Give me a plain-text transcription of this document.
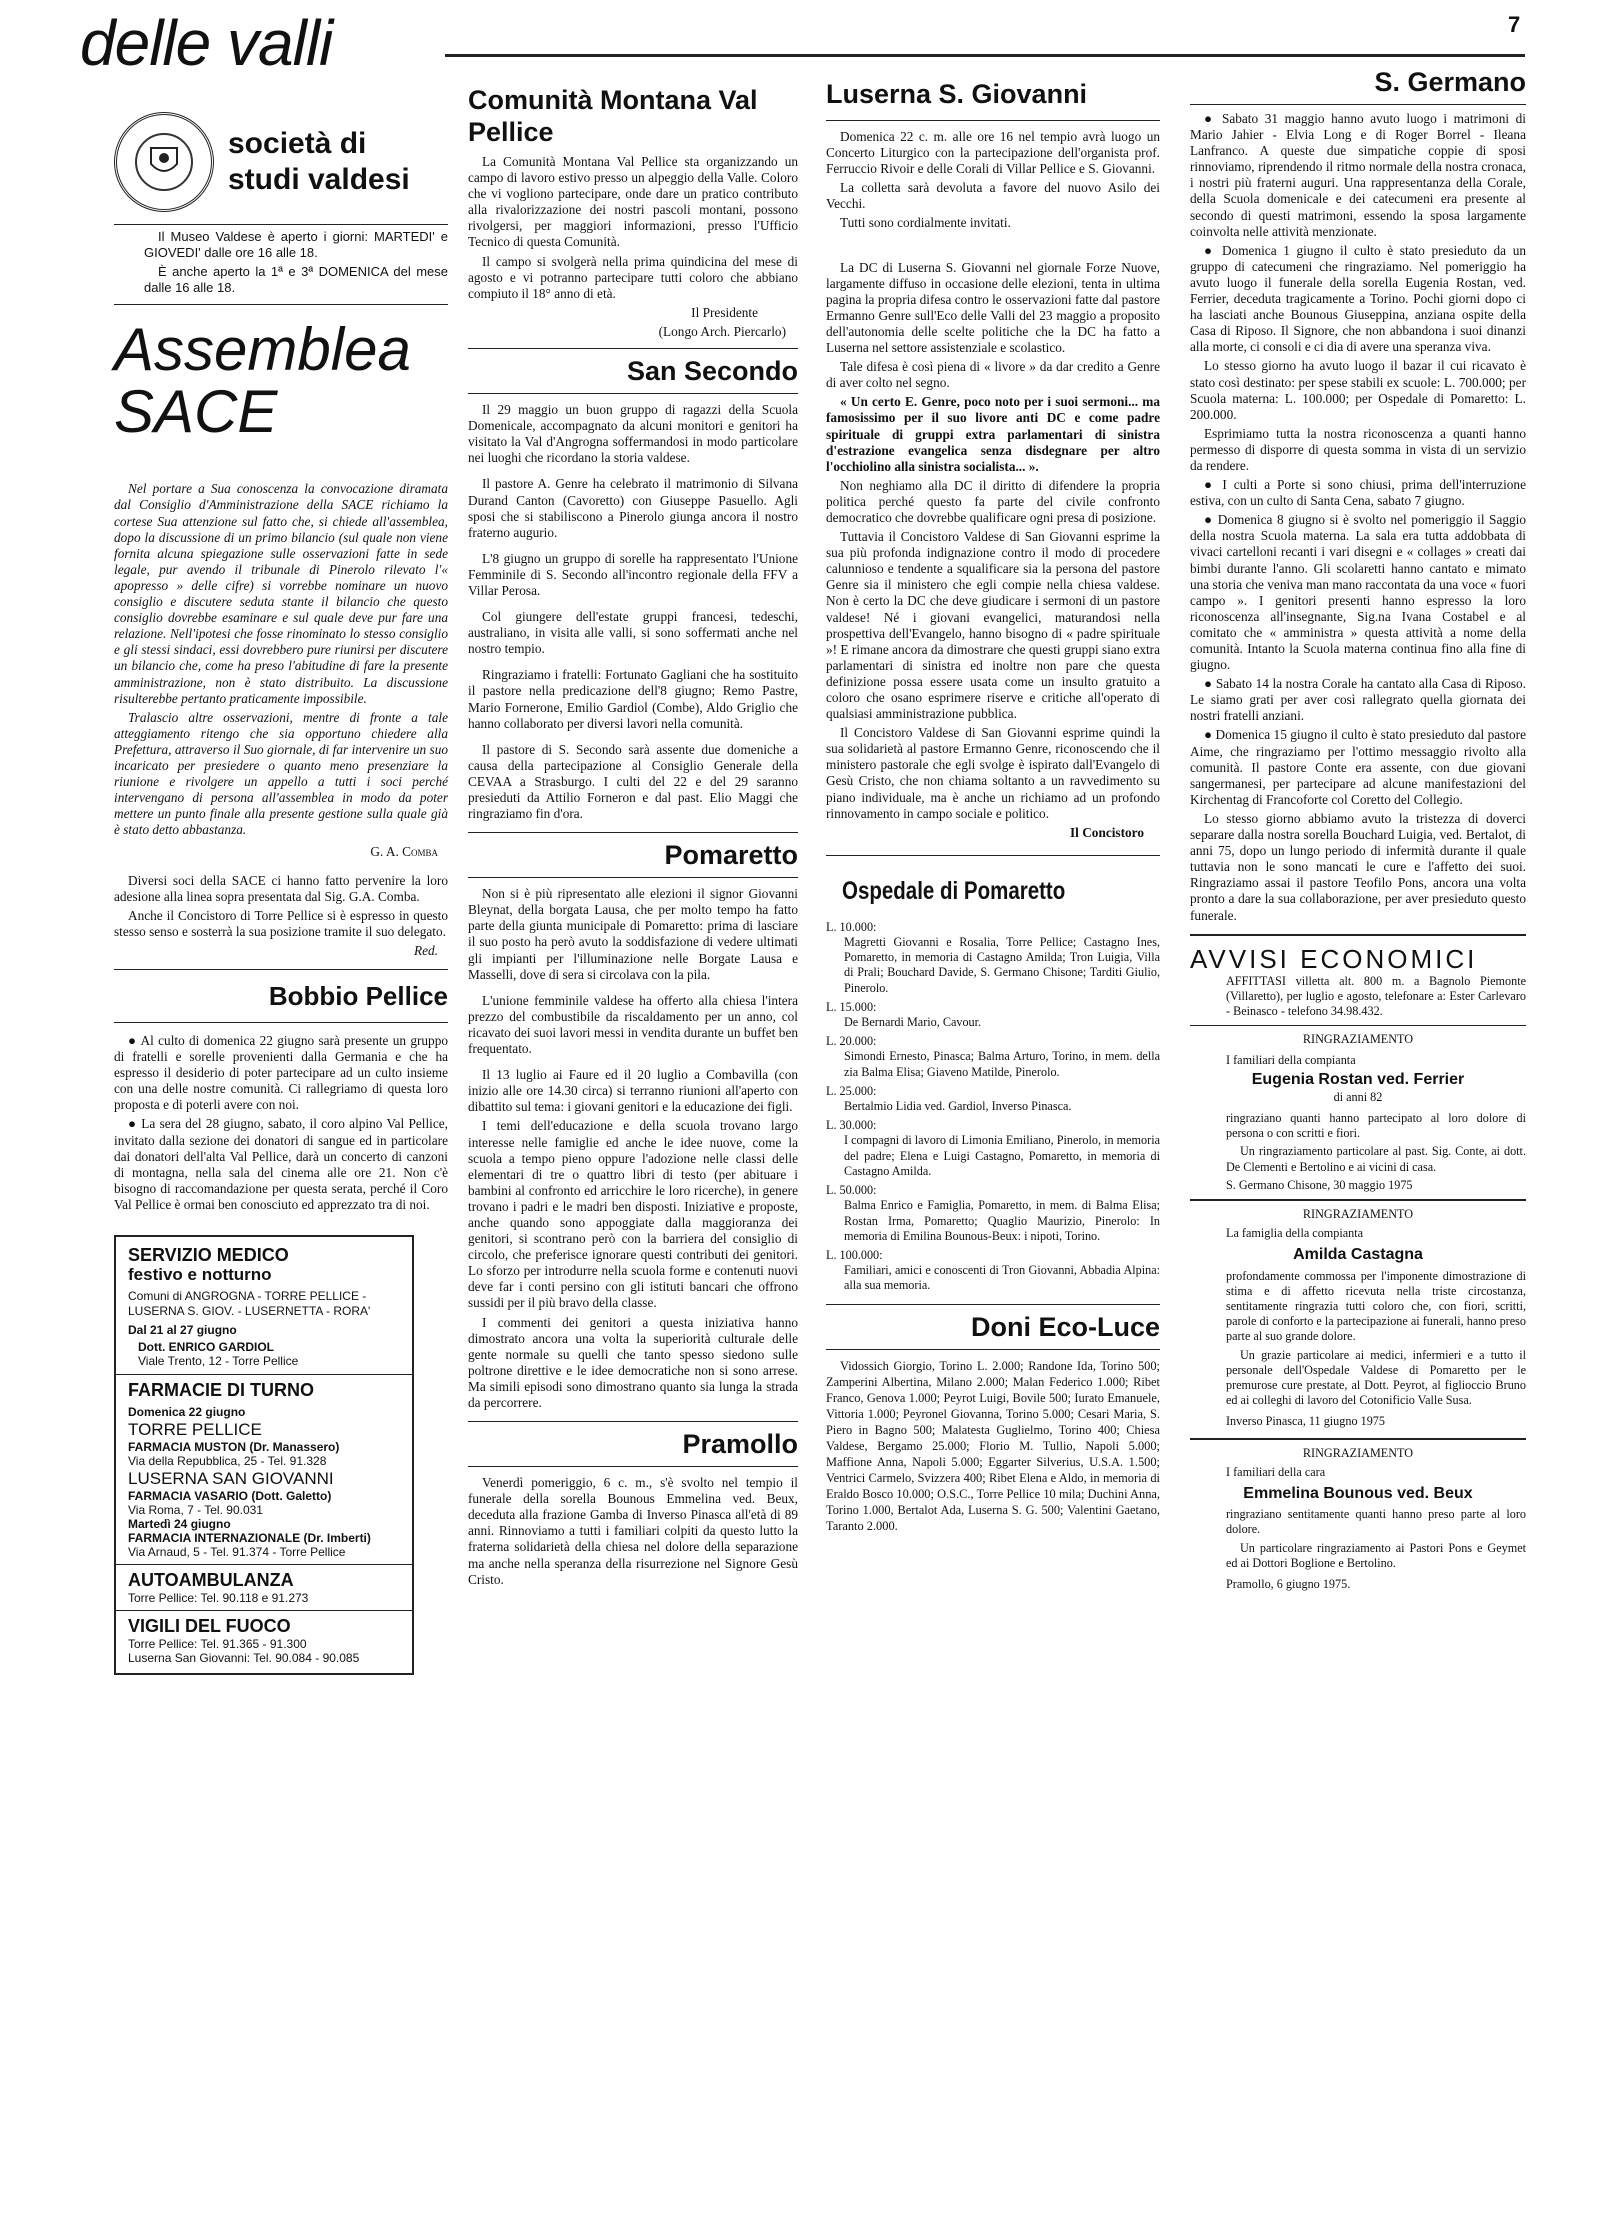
delle valli	7
società di studi valdesi

Il Museo Valdese è aperto i giorni: MARTEDI' e GIOVEDI' dalle ore 16 alle 18.

È anche aperto la 1ª e 3ª DOMENICA del mese dalle 16 alle 18.

Assemblea SACE

Nel portare a Sua conoscenza la convocazione diramata dal Consiglio d'Amministrazione della SACE richiamo la cortese Sua attenzione sul fatto che, si chiede all'assemblea, dopo la discussione di un primo bilancio (sul quale non viene fornita alcuna spiegazione sulle osservazioni fatte in sede legale, pur avendo il tribunale di Pinerolo rilevato l'« apopresso » delle cifre) si vorrebbe nominare un nuovo consiglio e discutere seduta stante il bilancio che questo consiglio dovrebbe esaminare e sul quale deve pur fare una relazione. Nell'ipotesi che fosse rinominato lo stesso consiglio e gli stessi sindaci, essi dovrebbero pure riunirsi per discutere un bilancio che, come ha preso l'abitudine di fare la presente amministrazione, non è stato distribuito. La discussione risulterebbe pertanto praticamente impossibile.

Tralascio altre osservazioni, mentre di fronte a tale atteggiamento ritengo che sia opportuno chiedere alla Prefettura, attraverso il Suo giornale, di far intervenire un suo incaricato per presiedere o quanto meno presenziare la riunione e rivolgere un appello a tutti i soci perché intervengano di persona all'assemblea in modo da poter mettere un punto finale alla presente gestione sulla quale già è stato detto abbastanza.

G. A. Comba

Diversi soci della SACE ci hanno fatto pervenire la loro adesione alla linea sopra presentata dal Sig. G.A. Comba.

Anche il Concistoro di Torre Pellice si è espresso in questo stesso senso e sosterrà la sua posizione tramite il suo delegato.

Red.

Bobbio Pellice

● Al culto di domenica 22 giugno sarà presente un gruppo di fratelli e sorelle provenienti dalla Germania e che ha espresso il desiderio di poter partecipare ad un culto insieme con una delle nostre comunità. Ci rallegriamo di questa loro proposta e di poterli avere con noi.

● La sera del 28 giugno, sabato, il coro alpino Val Pellice, invitato dalla sezione dei donatori di sangue ed in particolare dai donatori dell'alta Val Pellice, darà un concerto di canzoni di montagna, nella sala del cinema alle ore 21. Non c'è bisogno di raccomandazione per questa serata, perché il Coro Val Pellice è ormai ben conosciuto ed apprezzato tra di noi.

SERVIZIO MEDICO
festivo e notturno
Comuni di ANGROGNA - TORRE PELLICE - LUSERNA S. GIOV. - LUSERNETTA - RORA'
Dal 21 al 27 giugno
Dott. ENRICO GARDIOL
Viale Trento, 12 - Torre Pellice
FARMACIE DI TURNO
Domenica 22 giugno
TORRE PELLICE
FARMACIA MUSTON (Dr. Manassero)
Via della Repubblica, 25 - Tel. 91.328
LUSERNA SAN GIOVANNI
FARMACIA VASARIO (Dott. Galetto)
Via Roma, 7 - Tel. 90.031
Martedì 24 giugno
FARMACIA INTERNAZIONALE (Dr. Imberti)
Via Arnaud, 5 - Tel. 91.374 - Torre Pellice
AUTOAMBULANZA
Torre Pellice: Tel. 90.118 e 91.273
VIGILI DEL FUOCO
Torre Pellice: Tel. 91.365 - 91.300
Luserna San Giovanni: Tel. 90.084 - 90.085
Comunità Montana Val Pellice

La Comunità Montana Val Pellice sta organizzando un campo di lavoro estivo presso un alpeggio della Valle. Coloro che vi vogliono partecipare, onde dare un pratico contributo alla rivalorizzazione dei nostri pascoli montani, possono rivolgersi, per maggiori informazioni, presso l'Ufficio Tecnico di questa Comunità.

Il campo si svolgerà nella prima quindicina del mese di agosto e vi potranno partecipare tutti coloro che abbiano compiuto il 18° anno di età.

Il Presidente

(Longo Arch. Piercarlo)

San Secondo

Il 29 maggio un buon gruppo di ragazzi della Scuola Domenicale, accompagnato da alcuni monitori e genitori ha visitato la Val d'Angrogna soffermandosi in modo particolare nei luoghi che ricordano la storia valdese.

Il pastore A. Genre ha celebrato il matrimonio di Silvana Durand Canton (Cavoretto) con Giuseppe Pasuello. Agli sposi che si stabiliscono a Pinerolo giunga ancora il nostro fraterno augurio.

L'8 giugno un gruppo di sorelle ha rappresentato l'Unione Femminile di S. Secondo all'incontro regionale della FFV a Villar Perosa.

Col giungere dell'estate gruppi francesi, tedeschi, australiano, in visita alle valli, si sono soffermati anche nel nostro tempio.

Ringraziamo i fratelli: Fortunato Gagliani che ha sostituito il pastore nella predicazione dell'8 giugno; Remo Pastre, Mario Fornerone, Emilio Gardiol (Combe), Aldo Griglio che hanno collaborato per diversi lavori nella comunità.

Il pastore di S. Secondo sarà assente due domeniche a causa della partecipazione al Consiglio Generale della CEVAA a Strasburgo. I culti del 22 e del 29 saranno presieduti da Attilio Forneron e dal past. Elio Maggi che ringraziamo fin d'ora.

Pomaretto

Non si è più ripresentato alle elezioni il signor Giovanni Bleynat, della borgata Lausa, che per molto tempo ha fatto parte della giunta municipale di Pomaretto: prima di lasciare il suo posto ha però avuto la soddisfazione di vedere ultimati gli impianti per l'illuminazione nelle Borgate Lausa e Masselli, dove di sera si circolava con la pila.

L'unione femminile valdese ha offerto alla chiesa l'intera prezzo del combustibile da riscaldamento per un anno, col ricavato dei suoi lavori messi in vendita durante un buffet ben frequentato.

Il 13 luglio ai Faure ed il 20 luglio a Combavilla (con inizio alle ore 14.30 circa) si terranno riunioni all'aperto con dibattito sul tema: i giovani genitori e la educazione dei figli.

I temi dell'educazione e della scuola trovano largo interesse nelle famiglie ed anche le idee nuove, come la scuola a tempo pieno oppure l'adozione nelle classi delle elementari di tre o quattro libri di testo (per abituare i bambini al confronto ed arricchire le loro ricerche), in genere trovano i padri e le madri ben disposti. Iniziative e proposte, anche quando sono appoggiate dalla maggioranza dei genitori, si scontrano però con la barriera del consiglio di circolo, che preferisce ignorare questi contributi dei genitori. Lo sforzo per introdurre nella scuola forme e contenuti nuovi deve far i conti persino con gli istituti bancari che offrono sussidi per il più bravo della classe.

I commenti dei genitori a questa iniziativa hanno dimostrato ancora una volta la superiorità culturale delle gente normale su quelli che tanto spesso siedono sulle poltrone direttive e le idee democratiche non si sono arrese. Ma simili episodi sono dimostrano quanto sia lunga la strada da percorrere.

Pramollo

Venerdì pomeriggio, 6 c. m., s'è svolto nel tempio il funerale della sorella Bounous Emmelina ved. Beux, deceduta alla frazione Gamba di Inverso Pinasca all'età di 89 anni. Rinnoviamo a tutti i familiari colpiti da questo lutto la fraterna solidarietà della chiesa nel dolore della separazione ma anche nella speranza della risurrezione nel Signore Gesù Cristo.

Luserna S. Giovanni

Domenica 22 c. m. alle ore 16 nel tempio avrà luogo un Concerto Liturgico con la partecipazione dell'organista prof. Ferruccio Rivoir e delle Corali di Villar Pellice e S. Giovanni.

La colletta sarà devoluta a favore del nuovo Asilo dei Vecchi.

Tutti sono cordialmente invitati.

La DC di Luserna S. Giovanni nel giornale Forze Nuove, largamente diffuso in occasione delle elezioni, tenta in ultima pagina la propria difesa contro le osservazioni fatte dal pastore Ermanno Genre sull'Eco delle Valli del 23 maggio a proposito dell'autonomia delle scelte politiche che la DC ha fatto a Luserna nel settore assistenziale e scolastico.

Tale difesa è così piena di « livore » da dar credito a Genre di aver colto nel segno.

« Un certo E. Genre, poco noto per i suoi sermoni... ma famosissimo per il suo livore anti DC e come padre spirituale di gruppi extra parlamentari di sinistra d'estrazione evangelica senza disdegnare per altro l'occhiolino alla sinistra socialista... ».

Non neghiamo alla DC il diritto di difendere la propria politica perché questo fa parte del civile confronto democratico che dovrebbe qualificare ogni presa di posizione.

Tuttavia il Concistoro Valdese di San Giovanni esprime la sua più profonda indignazione contro il modo di procedere calunnioso e tendente a squalificare sia la persona del pastore Genre sia il ministero che egli compie nella chiesa valdese. Non è certo la DC che deve giudicare i sermoni di un pastore valdese! Né i giovani evangelici, maturandosi nella prospettiva dell'Evangelo, hanno bisogno di « padre spirituale »! E rimane ancora da dimostrare che questi gruppi siano extra parlamentari di sinistra ed inoltre non pare che questa definizione possa essere usata come un insulto gratuito a coloro che osano esprimere riserve e critiche all'operato di qualsiasi amministrazione pubblica.

Il Concistoro Valdese di San Giovanni esprime quindi la sua solidarietà al pastore Ermanno Genre, riconoscendo che il ministero pastorale che egli svolge è ispirato dall'Evangelo di Gesù Cristo, che non chiama soltanto a un ravvedimento su piano individuale, ma è anche un richiamo ad un profondo rinnovamento in campo sociale e politico.

Il Concistoro

Ospedale di Pomaretto
L. 10.000:
Magretti Giovanni e Rosalia, Torre Pellice; Castagno Ines, Pomaretto, in memoria di Castagno Amilda; Tron Luigia, Villa di Prali; Bouchard Davide, S. Germano Chisone; Tarditi Giulio, Pinerolo.
L. 15.000:
De Bernardi Mario, Cavour.
L. 20.000:
Simondi Ernesto, Pinasca; Balma Arturo, Torino, in mem. della zia Balma Elisa; Giaveno Matilde, Pinerolo.
L. 25.000:
Bertalmio Lidia ved. Gardiol, Inverso Pinasca.
L. 30.000:
I compagni di lavoro di Limonia Emiliano, Pinerolo, in memoria del padre; Elena e Luigi Castagno, Pomaretto, in memoria di Castagno Amilda.
L. 50.000:
Balma Enrico e Famiglia, Pomaretto, in mem. di Balma Elisa; Rostan Irma, Pomaretto; Quaglio Maurizio, Pinerolo: In memoria di Emilina Bounous-Beux: i nipoti, Torino.
L. 100.000:
Familiari, amici e conoscenti di Tron Giovanni, Abbadia Alpina: alla sua memoria.
Doni Eco-Luce

Vidossich Giorgio, Torino L. 2.000; Randone Ida, Torino 500; Zamperini Albertina, Milano 2.000; Malan Federico 1.000; Ribet Franco, Genova 1.000; Peyrot Luigi, Bovile 500; Iurato Emanuele, Vittoria 1.000; Peyronel Giovanna, Torino 5.000; Cesari Maria, S. Piero in Bagno 500; Malatesta Guglielmo, Torino 400; Chiesa Valdese, Bergamo 25.000; Florio M. Tullio, Napoli 5.000; Maffione Anna, Napoli 5.000; Eggarter Silverius, U.S.A. 1.500; Ventrici Carmelo, Svizzera 400; Ribet Elena e Aldo, in memoria di Eraldo Bosco 10.000; O.S.C., Torre Pellice 10 mila; Duchini Anna, Torino 1.000, Bertalot Ada, Luserna S. G. 500; Valentini Gaetano, Taranto 2.000.

S. Germano

● Sabato 31 maggio hanno avuto luogo i matrimoni di Mario Jahier - Elvia Long e di Roger Borrel - Ileana Lanfranco. A queste due simpatiche coppie di sposi rinnoviamo, riprendendo il ritmo normale della nostra cronaca, i nostri più fraterni auguri. Una rappresentanza della Corale, della Scuola domenicale e dei catecumeni era presente al secondo di questi matrimoni, essendo la sposa largamente coinvolta nelle attività menzionate.

● Domenica 1 giugno il culto è stato presieduto da un gruppo di catecumeni che ringraziamo. Nel pomeriggio ha avuto luogo il funerale della sorella Eugenia Rostan, ved. Ferrier, deceduta tragicamente a Torino. Pochi giorni dopo ci ha lasciati anche Bounous Giuseppina, anziana ospite della Casa di Riposo. Il Signore, che non abbandona i suoi dinanzi alla morte, ci consoli e ci dia di avere una speranza viva.

Lo stesso giorno ha avuto luogo il bazar il cui ricavato è stato così destinato: per spese stabili ex scuole: L. 700.000; per Scuola materna: L. 100.000; per Ospedale di Pomaretto: L. 200.000.

Esprimiamo tutta la nostra riconoscenza a quanti hanno permesso di disporre di questa somma in vista di un servizio da rendere.

● I culti a Porte si sono chiusi, prima dell'interruzione estiva, con un culto di Santa Cena, sabato 7 giugno.

● Domenica 8 giugno si è svolto nel pomeriggio il Saggio della nostra Scuola materna. La sala era tutta addobbata di vivaci cartelloni recanti i vari disegni e « collages » creati dai bimbi durante l'anno. Gli scolaretti hanno cantato e mimato una storia che veniva man mano raccontata da una voce « fuori campo ». I genitori presenti hanno espresso la loro riconoscenza all'insegnante, Sig.na Ivana Costabel e al comitato che « amministra » questa attività a nome della comunità. Intanto la Scuola materna continua fino alla fine di giugno.

● Sabato 14 la nostra Corale ha cantato alla Casa di Riposo. Le siamo grati per aver così rallegrato quella giornata dei nostri fratelli anziani.

● Domenica 15 giugno il culto è stato presieduto dal pastore Aime, che ringraziamo per l'ottimo messaggio rivolto alla comunità. Il pastore Conte era assente, con due giovani sangermanesi, per partecipare ad alcune manifestazioni del Kirchentag di Francoforte col Coretto del Collegio.

Lo stesso giorno abbiamo avuto la tristezza di doverci separare dalla nostra sorella Bouchard Luigia, ved. Bertalot, di anni 75, dopo un lungo periodo di infermità durante il quale tuttavia non le sono mancati le cure e l'affetto dei suoi. Ringraziamo assai il pastore Teofilo Pons, ancora una volta pronto a dare la sua collaborazione, per aver presieduto questo funerale.

AVVISI ECONOMICI

AFFITTASI villetta alt. 800 m. a Bagnolo Piemonte (Villaretto), per luglio e agosto, telefonare a: Ester Carlevaro - Beinasco - telefono 34.98.432.

RINGRAZIAMENTO
I familiari della compianta
Eugenia Rostan ved. Ferrier
di anni 82

ringraziano quanti hanno partecipato al loro dolore di persona o con scritti e fiori.

Un ringraziamento particolare al past. Sig. Conte, ai dott. De Clementi e Bertolino e ai vicini di casa.

S. Germano Chisone, 30 maggio 1975
RINGRAZIAMENTO
La famiglia della compianta
Amilda Castagna

profondamente commossa per l'imponente dimostrazione di stima e di affetto ricevuta nella triste circostanza, sentitamente ringrazia tutti coloro che, con fiori, scritti, parole di conforto e la partecipazione ai funerali, hanno preso parte al suo grande dolore.

Un grazie particolare ai medici, infermieri e a tutto il personale dell'Ospedale Valdese di Pomaretto per le premurose cure prestate, al Dott. Peyrot, al figlioccio Bruno ed ai colleghi di lavoro del Cotonificio Valle Susa.

Inverso Pinasca, 11 giugno 1975
RINGRAZIAMENTO
I familiari della cara
Emmelina Bounous ved. Beux

ringraziano sentitamente quanti hanno preso parte al loro dolore.

Un particolare ringraziamento ai Pastori Pons e Geymet ed ai Dottori Boglione e Bertolino.

Pramollo, 6 giugno 1975.
